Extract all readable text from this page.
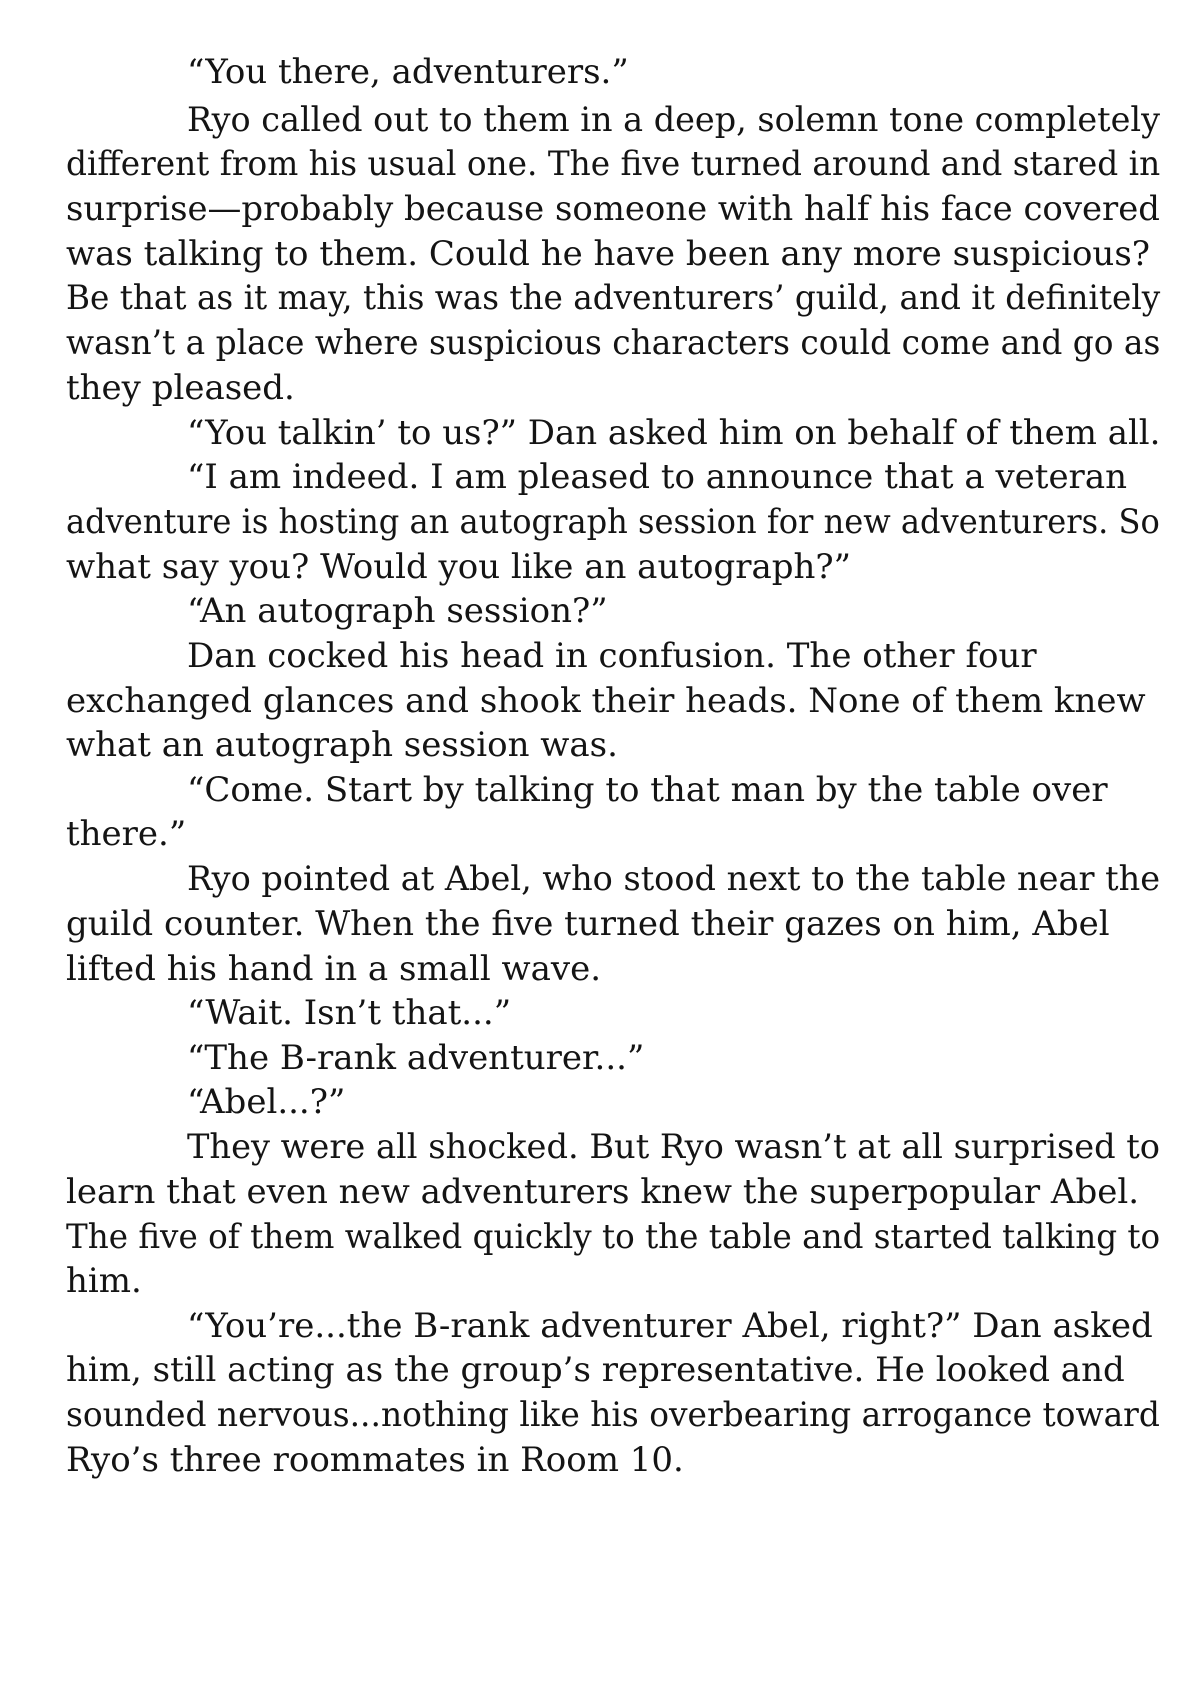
“You there, adventurers.”

Ryo called out to them in a deep, solemn tone completely

different from his usual one. The five turned around and stared in

surprise—probably because someone with half his face covered

was talking to them. Could he have been any more suspicious?

Be that as it may, this was the adventurers’ guild, and it definitely

wasn’t a place where suspicious characters could come and go as

they pleased.

“You talkin’ to us?” Dan asked him on behalf of them all.

“I am indeed. I am pleased to announce that a veteran

adventure is hosting an autograph session for new adventurers. So

what say you? Would you like an autograph?”

“An autograph session?”

Dan cocked his head in confusion. The other four

exchanged glances and shook their heads. None of them knew

what an autograph session was.

“Come. Start by talking to that man by the table over

there.”

Ryo pointed at Abel, who stood next to the table near the

guild counter. When the five turned their gazes on him, Abel

lifted his hand in a small wave.

“Wait. Isn’t that...”

“The B-rank adventurer...”

“Abel...?”

They were all shocked. But Ryo wasn’t at all surprised to

learn that even new adventurers knew the superpopular Abel.

The five of them walked quickly to the table and started talking to

him.

“You’re...the B-rank adventurer Abel, right?” Dan asked

him, still acting as the group’s representative. He looked and

sounded nervous...nothing like his overbearing arrogance toward

Ryo’s three roommates in Room 10.
